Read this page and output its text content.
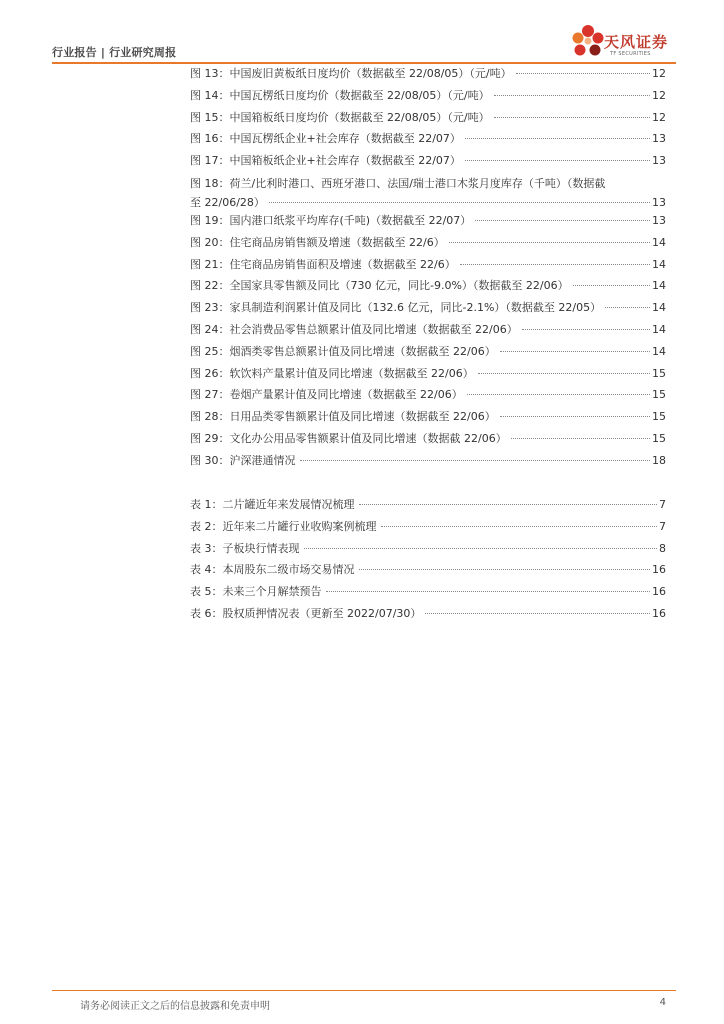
行业报告 | 行业研究周报
天风证券
TF SECURITIES
图 13：中国废旧黄板纸日度均价（数据截至 22/08/05）（元/吨）	12
图 14：中国瓦楞纸日度均价（数据截至 22/08/05）（元/吨）	12
图 15：中国箱板纸日度均价（数据截至 22/08/05）（元/吨）	12
图 16：中国瓦楞纸企业+社会库存（数据截至 22/07）	13
图 17：中国箱板纸企业+社会库存（数据截至 22/07）	13
图 18：荷兰/比利时港口、西班牙港口、法国/瑞士港口木浆月度库存（千吨）（数据截
至 22/06/28）	13
图 19：国内港口纸浆平均库存(千吨)（数据截至 22/07）	13
图 20：住宅商品房销售额及增速（数据截至 22/6）	14
图 21：住宅商品房销售面积及增速（数据截至 22/6）	14
图 22：全国家具零售额及同比（730 亿元，同比-9.0%）（数据截至 22/06）	14
图 23：家具制造利润累计值及同比（132.6 亿元，同比-2.1%）（数据截至 22/05）	14
图 24：社会消费品零售总额累计值及同比增速（数据截至 22/06）	14
图 25：烟酒类零售总额累计值及同比增速（数据截至 22/06）	14
图 26：软饮料产量累计值及同比增速（数据截至 22/06）	15
图 27：卷烟产量累计值及同比增速（数据截至 22/06）	15
图 28：日用品类零售额累计值及同比增速（数据截至 22/06）	15
图 29：文化办公用品零售额累计值及同比增速（数据截 22/06）	15
图 30：沪深港通情况	18
表 1：二片罐近年来发展情况梳理	7
表 2：近年来二片罐行业收购案例梳理	7
表 3：子板块行情表现	8
表 4：本周股东二级市场交易情况	16
表 5：未来三个月解禁预告	16
表 6：股权质押情况表（更新至 2022/07/30）	16
请务必阅读正文之后的信息披露和免责申明	4
